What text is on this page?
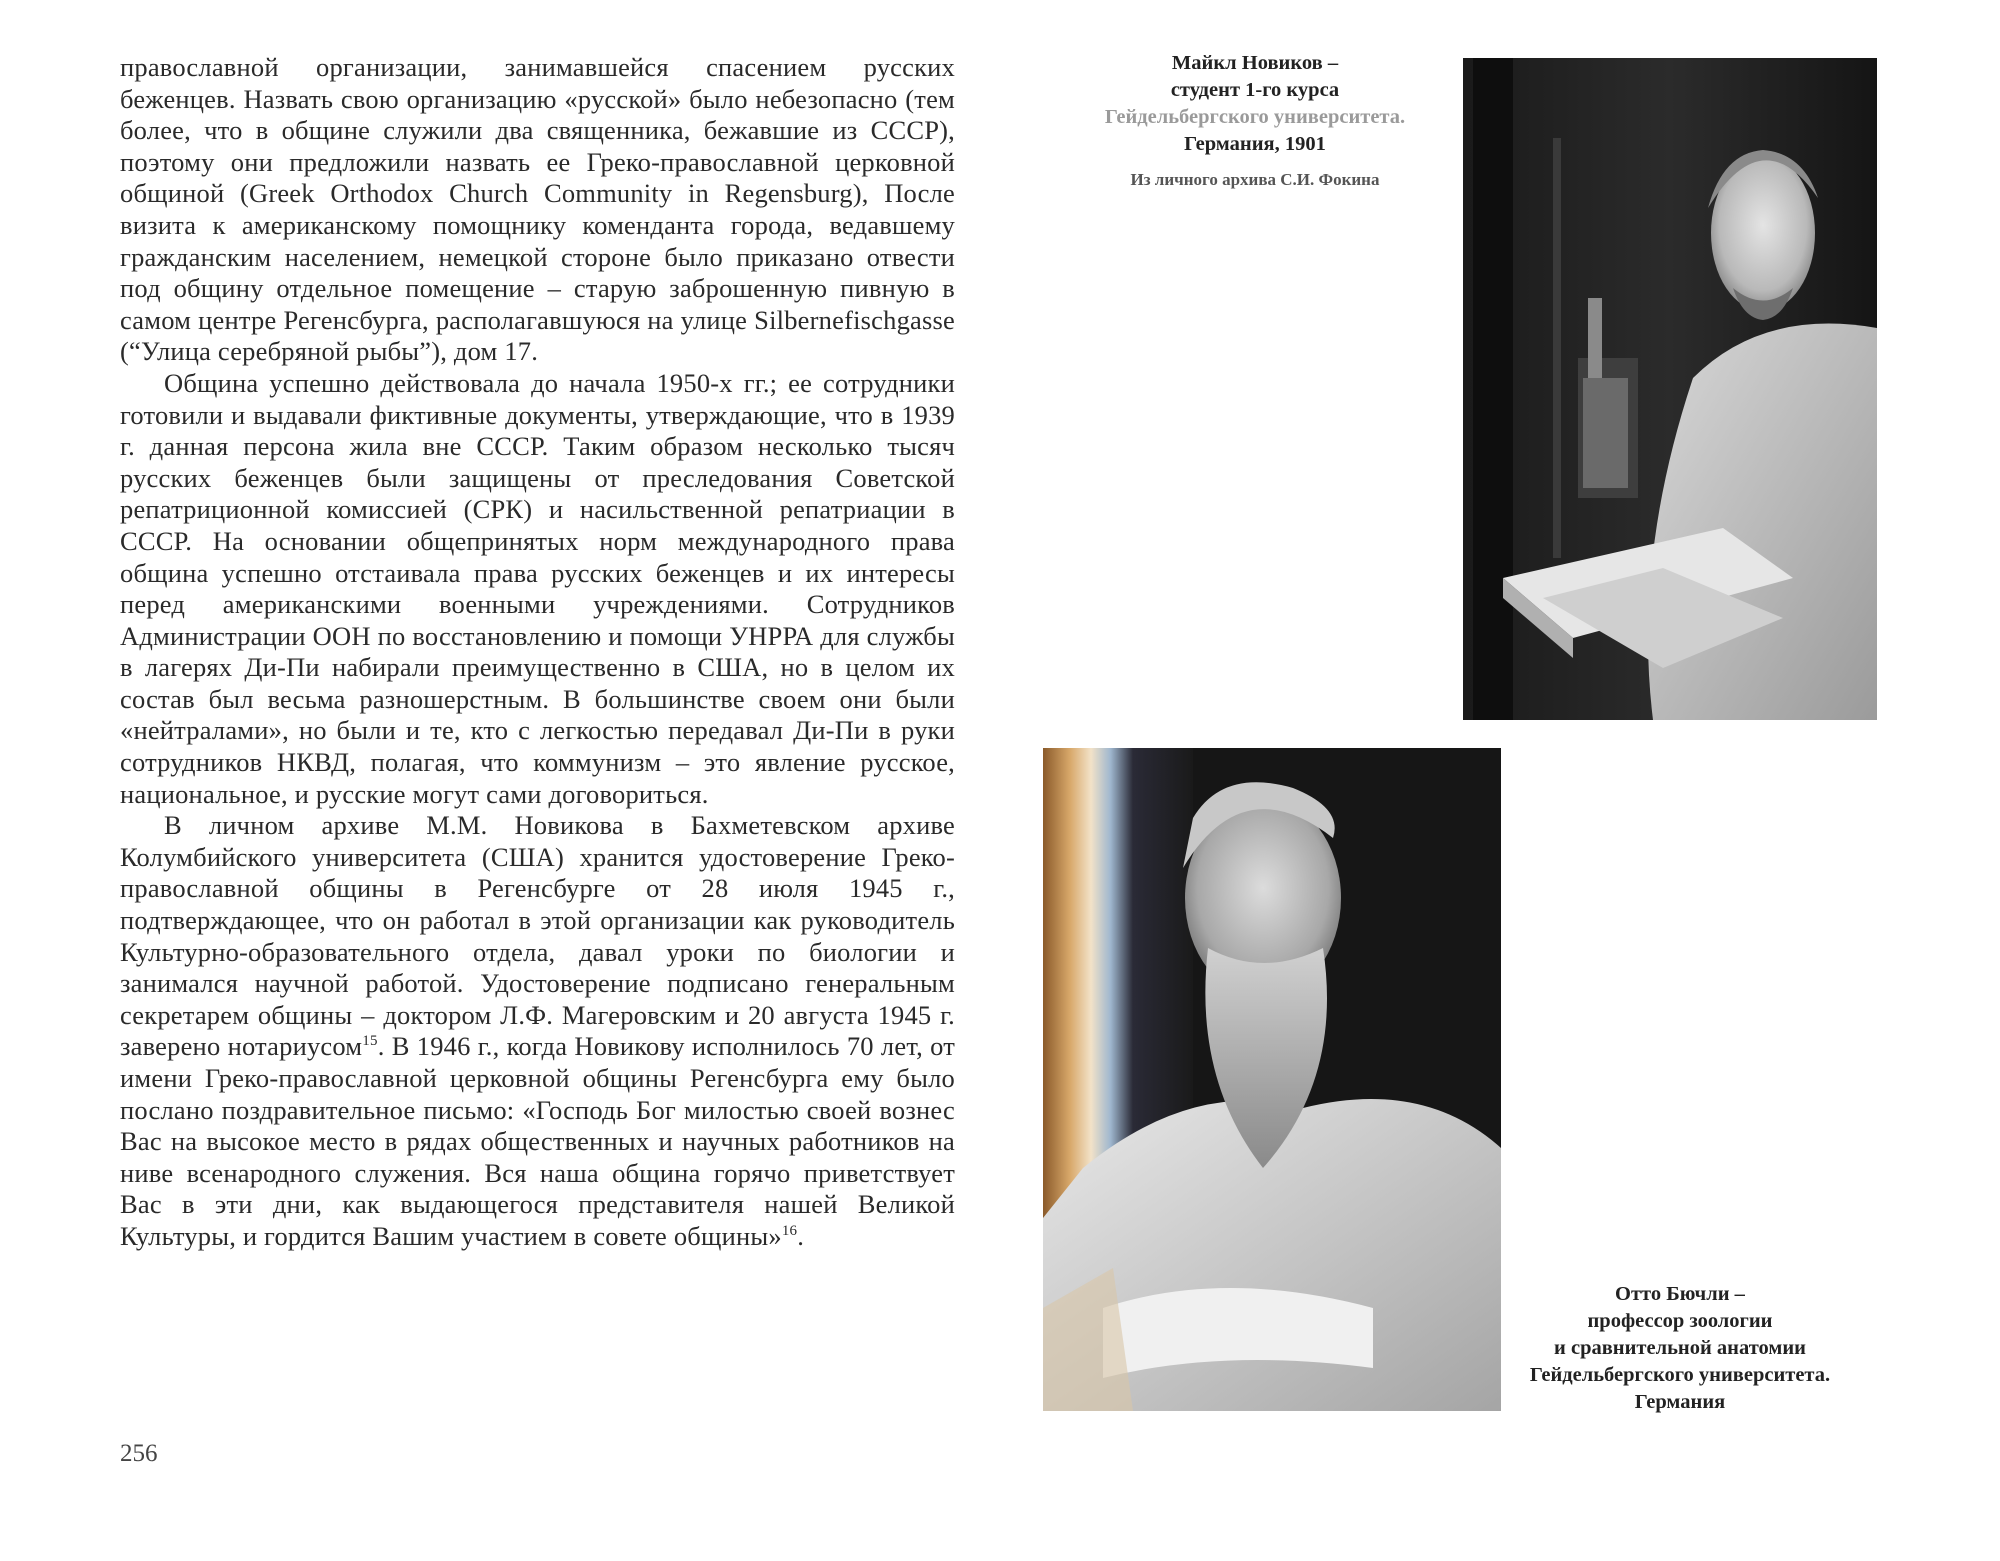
православной организации, занимавшейся спасением русских беженцев. Назвать свою организацию «русской» было небезопасно (тем более, что в общине служили два священника, бежавшие из СССР), поэтому они предложили назвать ее Греко-православной церковной общиной (Greek Orthodox Church Community in Regensburg), После визита к американскому помощнику коменданта города, ведавшему гражданским населением, немецкой стороне было приказано отвести под общину отдельное помещение – старую заброшенную пивную в самом центре Регенсбурга, располагавшуюся на улице Silbernefischgasse (“Улица серебряной рыбы”), дом 17.

Община успешно действовала до начала 1950-х гг.; ее сотрудники готовили и выдавали фиктивные документы, утверждающие, что в 1939 г. данная персона жила вне СССР. Таким образом несколько тысяч русских беженцев были защищены от преследования Советской репатриционной комиссией (СРК) и насильственной репатриации в СССР. На основании общепринятых норм международного права община успешно отстаивала права русских беженцев и их интересы перед американскими военными учреждениями. Сотрудников Администрации ООН по восстановлению и помощи УНРРА для службы в лагерях Ди-Пи набирали преимущественно в США, но в целом их состав был весьма разношерстным. В большинстве своем они были «нейтралами», но были и те, кто с легкостью передавал Ди-Пи в руки сотрудников НКВД, полагая, что коммунизм – это явление русское, национальное, и русские могут сами договориться.

В личном архиве М.М. Новикова в Бахметевском архиве Колумбийского университета (США) хранится удостоверение Греко-православной общины в Регенсбурге от 28 июля 1945 г., подтверждающее, что он работал в этой организации как руководитель Культурно-образовательного отдела, давал уроки по биологии и занимался научной работой. Удостоверение подписано генеральным секретарем общины – доктором Л.Ф. Магеровским и 20 августа 1945 г. заверено нотариусом$^{15}$. В 1946 г., когда Новикову исполнилось 70 лет, от имени Греко-православной церковной общины Регенсбурга ему было послано поздравительное письмо: «Господь Бог милостью своей вознес Вас на высокое место в рядах общественных и научных работников на ниве всенародного служения. Вся наша община горячо приветствует Вас в эти дни, как выдающегося представителя нашей Великой Культуры, и гордится Вашим участием в совете общины»$^{16}$.

256
Майкл Новиков –
студент 1-го курса
Гейдельбергского университета.
Германия, 1901
Из личного архива С.И. Фокина
Отто Бючли –
профессор зоологии
и сравнительной анатомии
Гейдельбергского университета.
Германия
